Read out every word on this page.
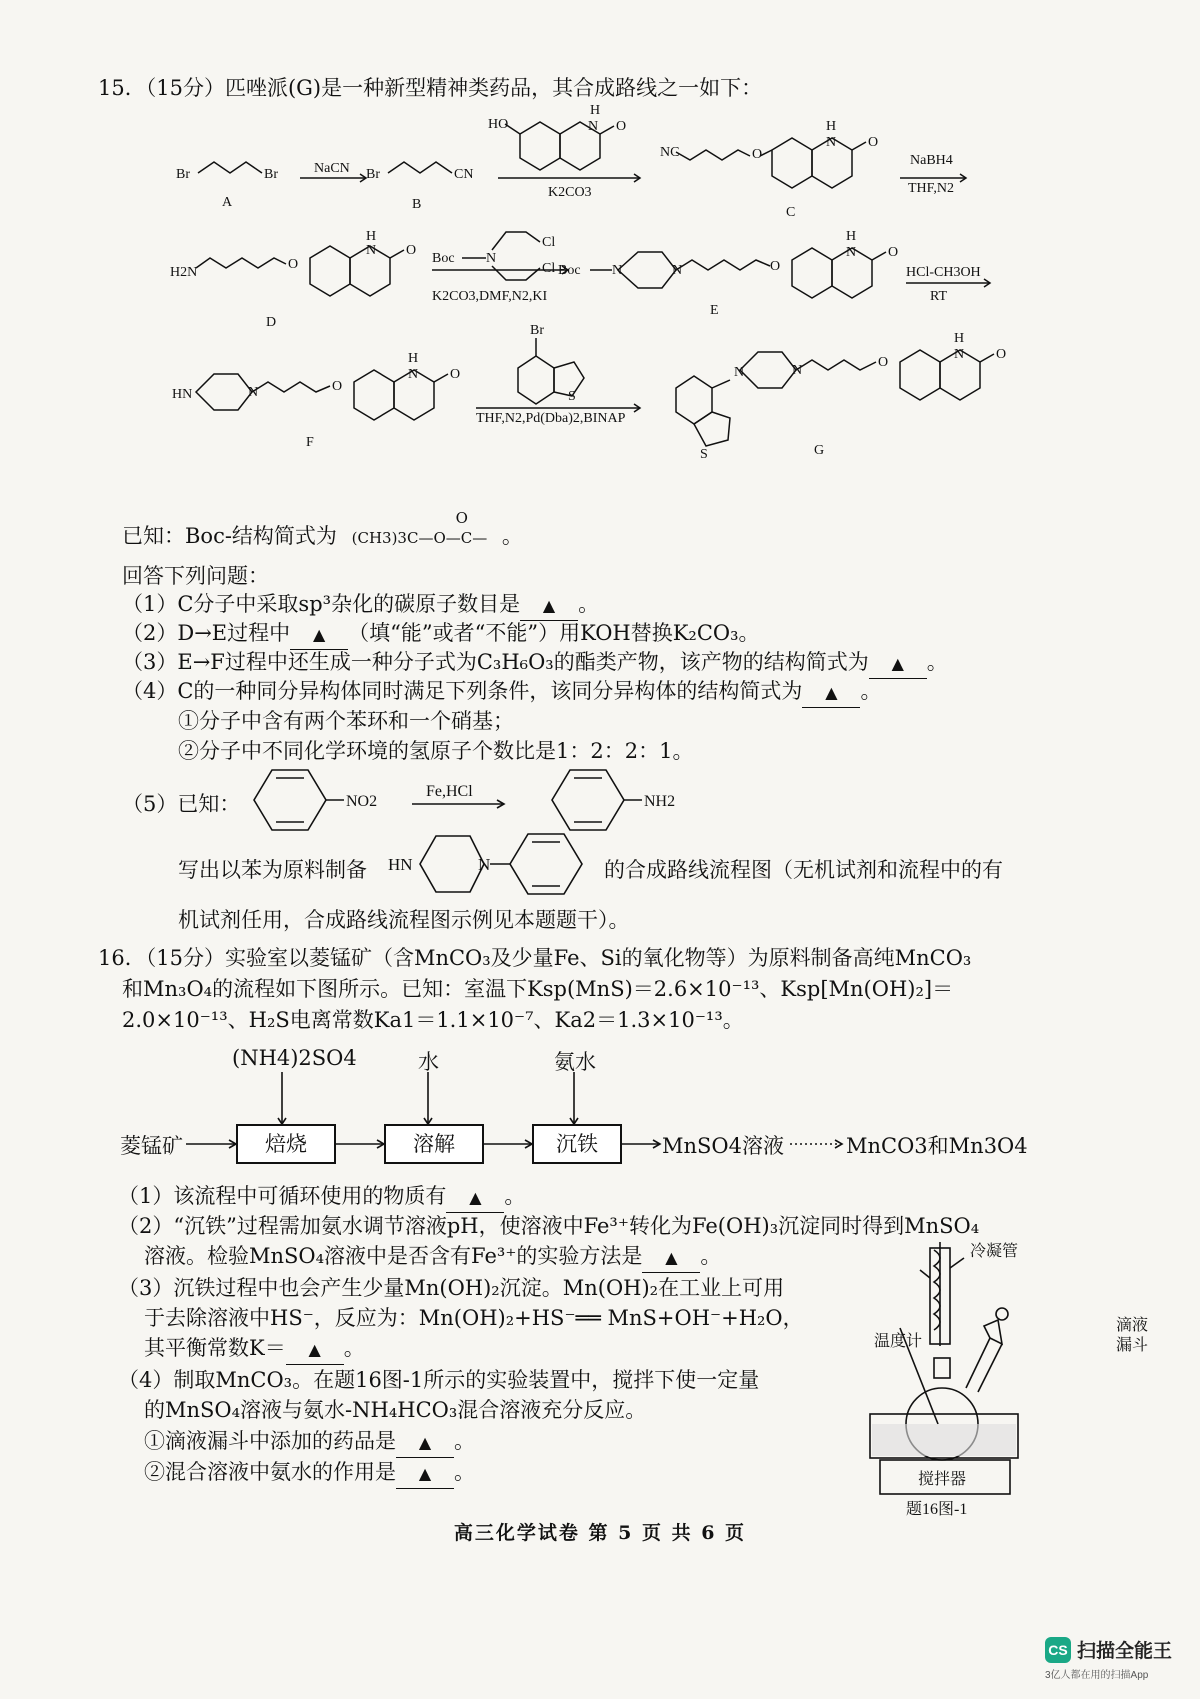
15．（15分）匹唑派(G)是一种新型精神类药品，其合成路线之一如下：
Br	Br
A
NaCN Br	CN
B
HO
H
N O
K2CO3
NC	O
H
N O
C
NaBH4
THF,N2
H2N
O
H
N O
D
Boc N
Cl
Cl
K2CO3,DMF,N2,KI
Boc N	N	O
H
N O
E
HCl-CH3OH
RT
HN	N	O
H
N O
F
Br
S
THF,N2,Pd(Dba)2,BINAP
S
N	N
O
H
N O
G
已知：Boc-结构简式为
O
(CH3)3C—O—C— 。
回答下列问题：
（1）C分子中采取sp³杂化的碳原子数目是 ▲ 。
（2）D→E过程中 ▲ （填“能”或者“不能”）用KOH替换K₂CO₃。
（3）E→F过程中还生成一种分子式为C₃H₆O₃的酯类产物，该产物的结构简式为 ▲ 。
（4）C的一种同分异构体同时满足下列条件，该同分异构体的结构简式为 ▲ 。
①分子中含有两个苯环和一个硝基；
②分子中不同化学环境的氢原子个数比是1：2：2：1。
（5）已知：	NO2
Fe,HCl
NH2
写出以苯为原料制备 HN	N	的合成路线流程图（无机试剂和流程中的有
机试剂任用，合成路线流程图示例见本题题干）。
16．（15分）实验室以菱锰矿（含MnCO₃及少量Fe、Si的氧化物等）为原料制备高纯MnCO₃
和Mn₃O₄的流程如下图所示。已知：室温下Ksp(MnS)＝2.6×10⁻¹³、Ksp[Mn(OH)₂]＝
2.0×10⁻¹³、H₂S电离常数Ka1＝1.1×10⁻⁷、Ka2＝1.3×10⁻¹³。
(NH4)2SO4	水	氨水
菱锰矿	焙烧	溶解	沉铁	MnSO4溶液	MnCO3和Mn3O4
（1）该流程中可循环使用的物质有 ▲ 。
（2）“沉铁”过程需加氨水调节溶液pH，使溶液中Fe³⁺转化为Fe(OH)₃沉淀同时得到MnSO₄
溶液。检验MnSO₄溶液中是否含有Fe³⁺的实验方法是 ▲ 。
（3）沉铁过程中也会产生少量Mn(OH)₂沉淀。Mn(OH)₂在工业上可用
于去除溶液中HS⁻，反应为：Mn(OH)₂+HS⁻══ MnS+OH⁻+H₂O，
其平衡常数K＝ ▲ 。
（4）制取MnCO₃。在题16图-1所示的实验装置中，搅拌下使一定量
的MnSO₄溶液与氨水-NH₄HCO₃混合溶液充分反应。
①滴液漏斗中添加的药品是 ▲ 。
②混合溶液中氨水的作用是 ▲ 。
冷凝管
滴液
漏斗
温度计
搅拌器
题16图-1
高三化学试卷 第 5 页 共 6 页
CS 扫描全能王
3亿人都在用的扫描App
